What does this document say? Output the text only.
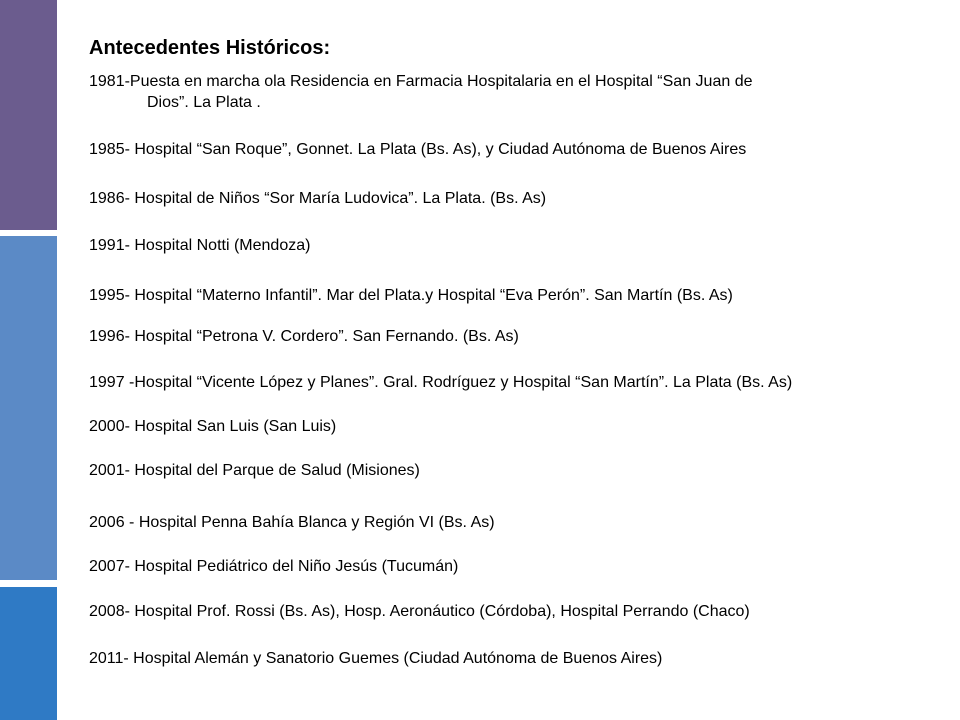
Antecedentes Históricos:

1981-Puesta en marcha ola Residencia en Farmacia Hospitalaria en el Hospital “San Juan de
Dios”. La Plata .

1985- Hospital “San Roque”, Gonnet. La Plata (Bs. As), y Ciudad Autónoma de Buenos Aires

1986- Hospital de Niños “Sor María Ludovica”. La Plata. (Bs. As)

1991- Hospital Notti (Mendoza)

1995- Hospital “Materno Infantil”. Mar del Plata.y Hospital “Eva Perón”. San Martín (Bs. As)

1996- Hospital “Petrona V. Cordero”. San Fernando. (Bs. As)

1997 -Hospital “Vicente López y Planes”. Gral. Rodríguez y Hospital “San Martín”. La Plata (Bs. As)

2000- Hospital San Luis (San Luis)

2001- Hospital del Parque de Salud (Misiones)

2006 - Hospital Penna Bahía Blanca y Región VI (Bs. As)

2007- Hospital Pediátrico del Niño Jesús (Tucumán)

2008- Hospital Prof. Rossi (Bs. As), Hosp. Aeronáutico (Córdoba), Hospital Perrando (Chaco)

2011- Hospital Alemán y Sanatorio Guemes (Ciudad Autónoma de Buenos Aires)
